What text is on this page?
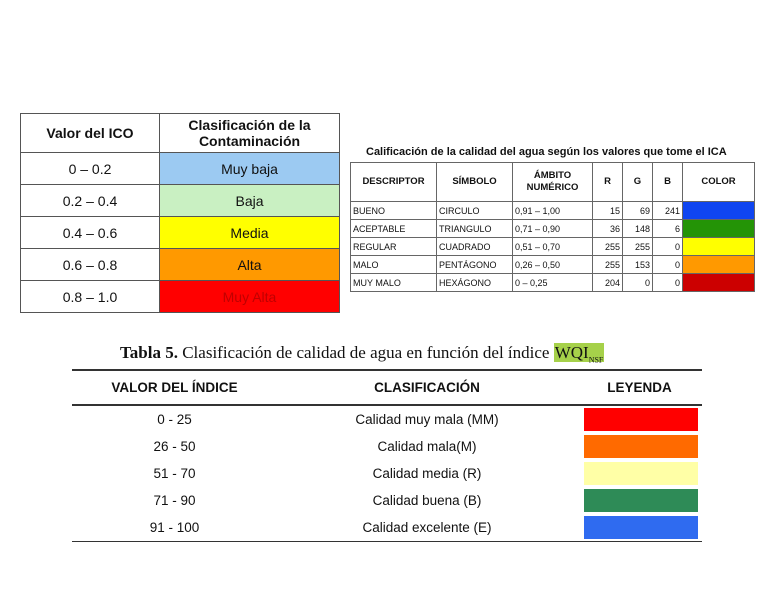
Valor del ICO	Clasificación de la Contaminación
0 – 0.2	Muy baja
0.2 – 0.4	Baja
0.4 – 0.6	Media
0.6 – 0.8	Alta
0.8 – 1.0	Muy Alta
Calificación de la calidad del agua según los valores que tome el ICA
DESCRIPTOR	SÍMBOLO	ÁMBITO NUMÉRICO	R	G	B	COLOR
BUENO	CIRCULO	0,91 – 1,00	15	69	241	
ACEPTABLE	TRIANGULO	0,71 – 0,90	36	148	6	
REGULAR	CUADRADO	0,51 – 0,70	255	255	0	
MALO	PENTÁGONO	0,26 – 0,50	255	153	0	
MUY MALO	HEXÁGONO	0 – 0,25	204	0	0	
Tabla 5. Clasificación de calidad de agua en función del índice $WQI_{NSF}$
VALOR DEL ÍNDICE	CLASIFICACIÓN	LEYENDA
0 - 25	Calidad muy mala (MM)	

26 - 50	Calidad mala(M)	

51 - 70	Calidad media (R)	

71 - 90	Calidad buena (B)	

91 - 100	Calidad excelente (E)	
